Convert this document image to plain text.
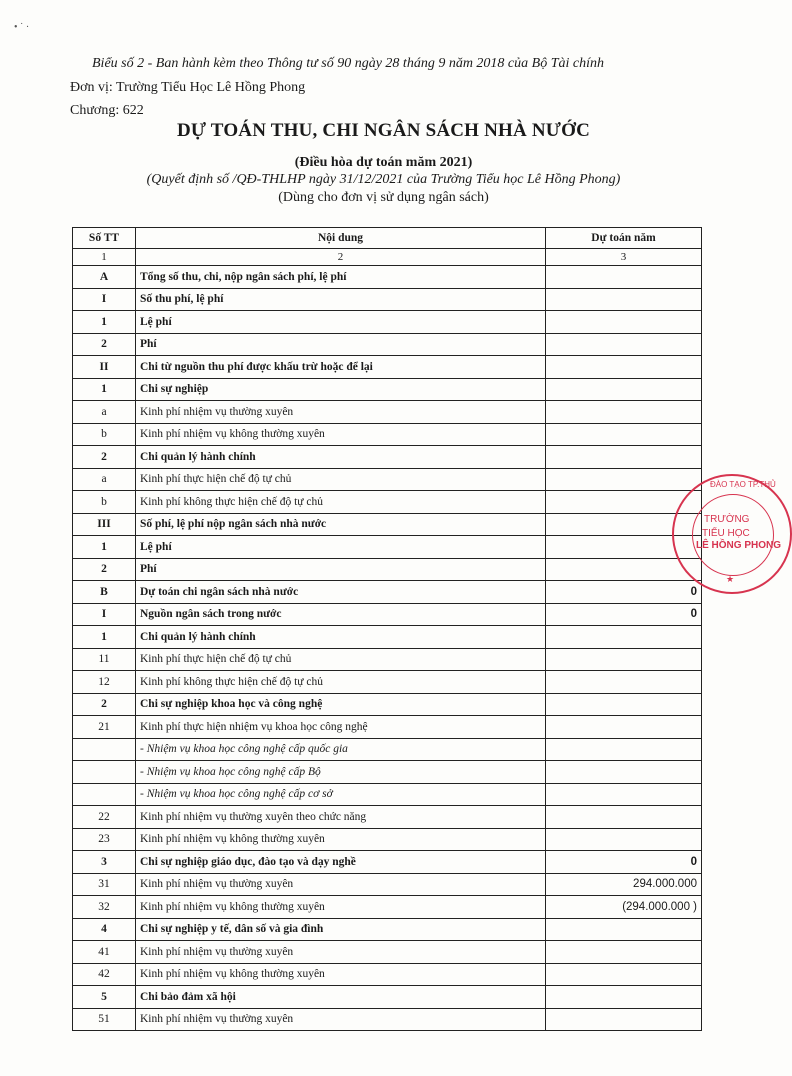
• ˙ ·
Biểu số 2 - Ban hành kèm theo Thông tư số 90 ngày 28 tháng 9 năm 2018 của Bộ Tài chính
Đơn vị: Trường Tiểu Học Lê Hồng Phong
Chương: 622
DỰ TOÁN THU, CHI NGÂN SÁCH NHÀ NƯỚC
(Điều hòa dự toán măm 2021)
(Quyết định số /QĐ-THLHP ngày 31/12/2021 của Trường Tiểu học Lê Hồng Phong)
(Dùng cho đơn vị sử dụng ngân sách)
Số TT	Nội dung	Dự toán năm
1	2	3
A	Tổng số thu, chi, nộp ngân sách phí, lệ phí	
I	Số thu phí, lệ phí	
1	Lệ phí	
2	Phí	
II	Chi từ nguồn thu phí được khấu trừ hoặc để lại	
1	Chi sự nghiệp	
a	Kinh phí nhiệm vụ thường xuyên	
b	Kinh phí nhiệm vụ không thường xuyên	
2	Chi quản lý hành chính	
a	Kinh phí thực hiện chế độ tự chủ	
b	Kinh phí không thực hiện chế độ tự chủ	
III	Số phí, lệ phí nộp ngân sách nhà nước	
1	Lệ phí	
2	Phí	
B	Dự toán chi ngân sách nhà nước	0
I	Nguồn ngân sách trong nước	0
1	Chi quản lý hành chính	
11	Kinh phí thực hiện chế độ tự chủ	
12	Kinh phí không thực hiện chế độ tự chủ	
2	Chi sự nghiệp khoa học và công nghệ	
21	Kinh phí thực hiện nhiệm vụ khoa học công nghệ	
	- Nhiệm vụ khoa học công nghệ cấp quốc gia	
	- Nhiệm vụ khoa học công nghệ cấp Bộ	
	- Nhiệm vụ khoa học công nghệ cấp cơ sở	
22	Kinh phí nhiệm vụ thường xuyên theo chức năng	
23	Kinh phí nhiệm vụ không thường xuyên	
3	Chi sự nghiệp giáo dục, đào tạo và dạy nghề	0
31	Kinh phí nhiệm vụ thường xuyên	294.000.000
32	Kinh phí nhiệm vụ không thường xuyên	(294.000.000 )
4	Chi sự nghiệp y tế, dân số và gia đình	
41	Kinh phí nhiệm vụ thường xuyên	
42	Kinh phí nhiệm vụ không thường xuyên	
5	Chi bảo đảm xã hội	
51	Kinh phí nhiệm vụ thường xuyên	
ĐÀO TẠO TP.THỦ
TRƯỜNG
TIỂU HỌC
LÊ HỒNG PHONG
★
